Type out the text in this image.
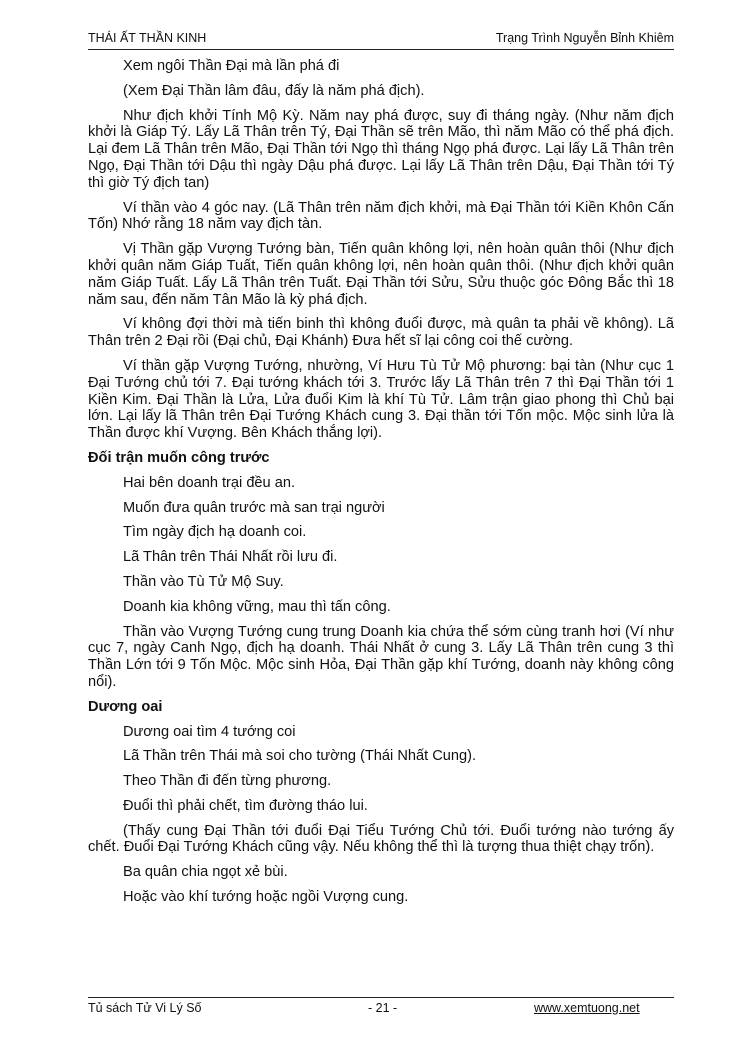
THÁI ẤT THẦN KINH	Trạng Trình Nguyễn Bỉnh Khiêm

Xem ngôi Thần Đại mà lần phá đi

(Xem Đại Thần lâm đâu, đấy là năm phá địch).

Như địch khởi Tính Mộ Kỳ. Năm nay phá được, suy đi tháng ngày. (Như năm địch khởi là Giáp Tý. Lấy Lã Thân trên Tý, Đại Thần sẽ trên Mão, thì năm Mão có thể phá địch. Lại đem Lã Thân trên Mão, Đại Thần tới Ngọ thì tháng Ngọ phá được. Lại lấy Lã Thân trên Ngọ, Đại Thần tới Dậu thì ngày Dậu phá được. Lại lấy Lã Thân trên Dậu, Đại Thần tới Tý thì giờ Tý địch tan)

Ví thần vào 4 góc nay. (Lã Thân trên năm địch khởi, mà Đại Thần tới Kiền Khôn Cấn Tốn) Nhớ rằng 18 năm vay địch tàn.

Vị Thần gặp Vượng Tướng bàn, Tiến quân không lợi, nên hoàn quân thôi (Như địch khởi quân năm Giáp Tuất, Tiến quân không lợi, nên hoàn quân thôi. (Như địch khởi quân năm Giáp Tuất. Lấy Lã Thân trên Tuất. Đại Thần tới Sửu, Sửu thuộc góc Đông Bắc thì 18 năm sau, đến năm Tân Mão là kỳ phá địch.

Ví không đợi thời mà tiến binh thì không đuổi được, mà quân ta phải về không). Lã Thân trên 2 Đại rồi (Đại chủ, Đại Khánh) Đưa hết sĩ lại công coi thế cường.

Ví thần gặp Vượng Tướng, nhường, Ví Hưu Tù Tử Mộ phương: bại tàn (Như cục 1 Đại Tướng chủ tới 7. Đại tướng khách tới 3. Trước lấy Lã Thân trên 7 thì Đại Thần tới 1 Kiền Kim. Đại Thần là Lửa, Lửa đuổi Kim là khí Tù Tử. Lâm trận giao phong thì Chủ bại lớn. Lại lấy lã Thân trên Đại Tướng Khách cung 3. Đại thần tới Tốn mộc. Mộc sinh lửa là Thần được khí Vượng. Bên Khách thắng lợi).

Đối trận muốn công trước

Hai bên doanh trại đều an.

Muốn đưa quân trước mà san trại người

Tìm ngày địch hạ doanh coi.

Lã Thân trên Thái Nhất rồi lưu đi.

Thần vào Tù Tử Mộ Suy.

Doanh kia không vững, mau thì tấn công.

Thần vào Vượng Tướng cung trung Doanh kia chứa thể sớm cùng tranh hơi (Ví như cục 7, ngày Canh Ngọ, địch hạ doanh. Thái Nhất ở cung 3. Lấy Lã Thân trên cung 3 thì Thần Lớn tới 9 Tốn Mộc. Mộc sinh Hỏa, Đại Thần gặp khí Tướng, doanh này không công nổi).

Dương oai

Dương oai tìm 4 tướng coi

Lã Thần trên Thái mà soi cho tường (Thái Nhất Cung).

Theo Thần đi đến từng phương.

Đuổi thì phải chết, tìm đường tháo lui.

(Thấy cung Đại Thần tới đuổi Đại Tiểu Tướng Chủ tới. Đuổi tướng nào tướng ấy chết. Đuổi Đại Tướng Khách cũng vậy. Nếu không thể thì là tượng thua thiệt chạy trốn).

Ba quân chia ngọt xẻ bùi.

Hoặc vào khí tướng hoặc ngồi Vượng cung.

Tủ sách Tử Vi Lý Số	- 21 -	www.xemtuong.net
